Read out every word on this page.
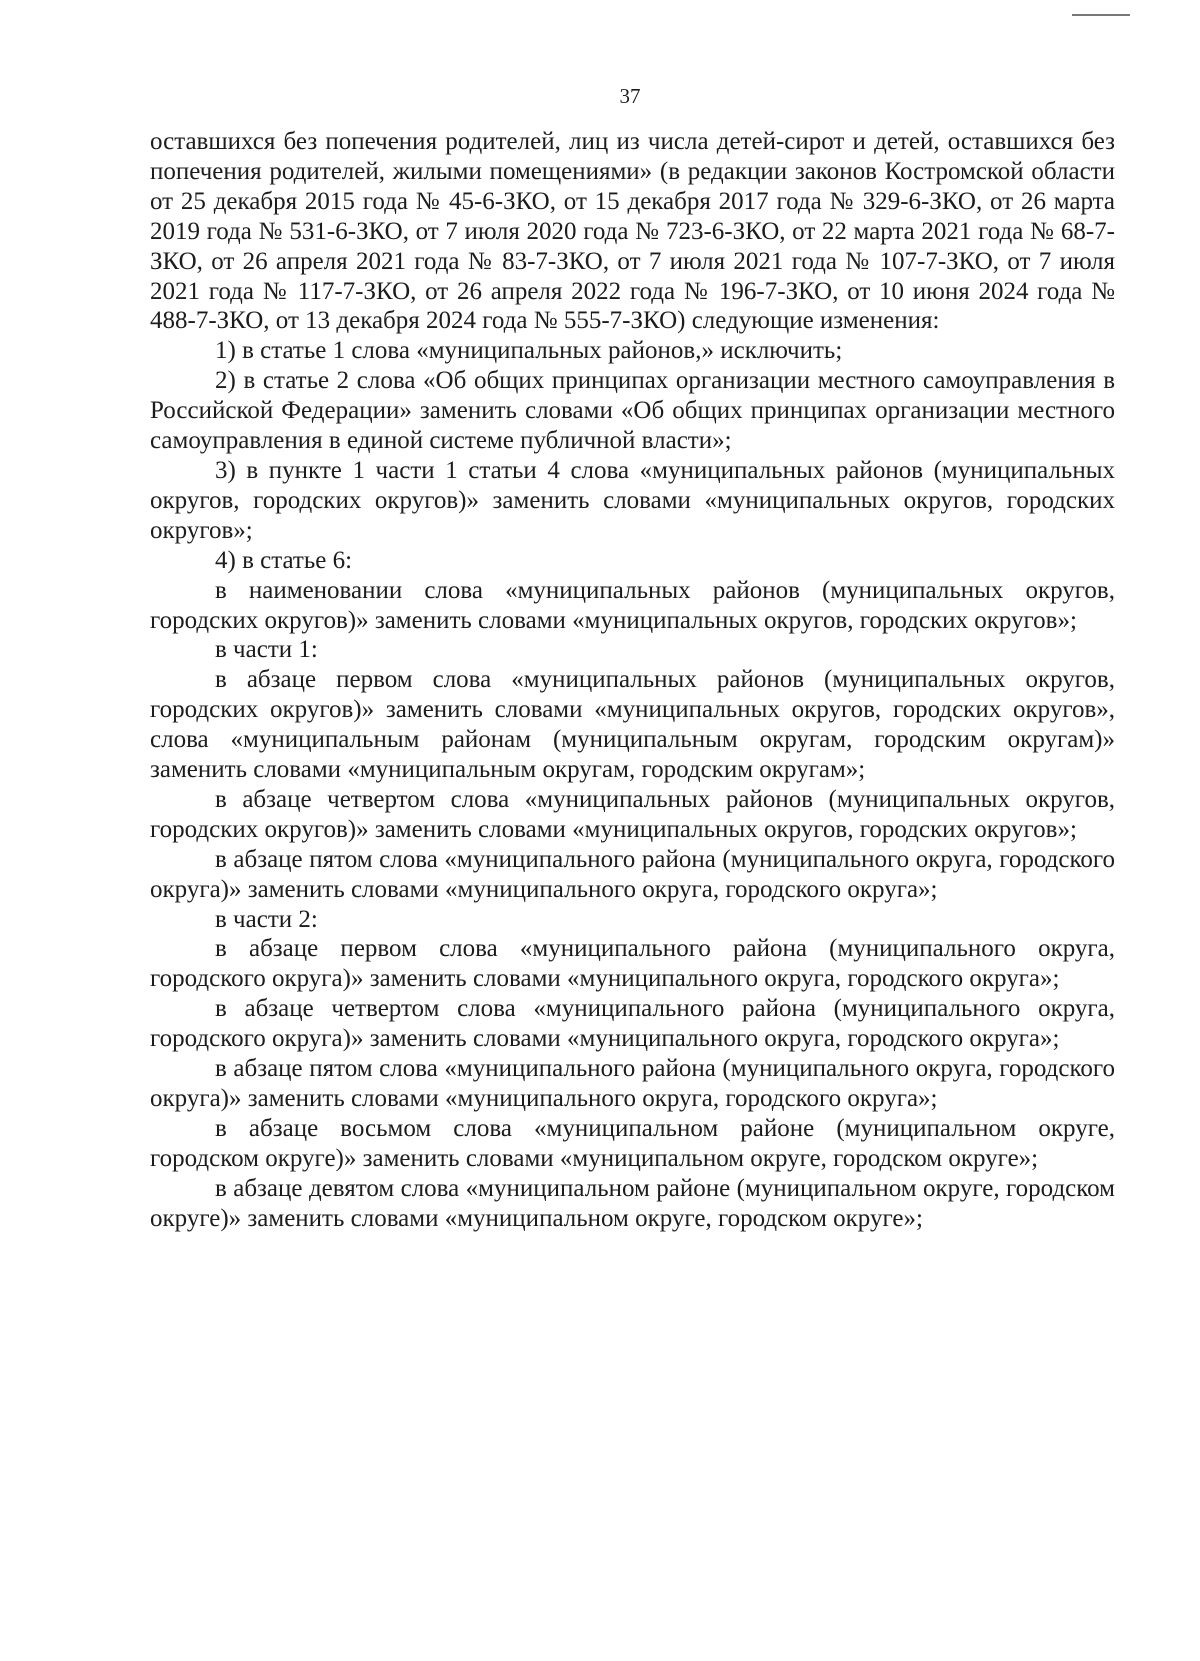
37

оставшихся без попечения родителей, лиц из числа детей-сирот и детей, оставшихся без попечения родителей, жилыми помещениями» (в редакции законов Костромской области от 25 декабря 2015 года № 45-6-ЗКО, от 15 декабря 2017 года № 329-6-ЗКО, от 26 марта 2019 года № 531-6-ЗКО, от 7 июля 2020 года № 723-6-ЗКО, от 22 марта 2021 года № 68-7-ЗКО, от 26 апреля 2021 года № 83-7-ЗКО, от 7 июля 2021 года № 107-7-ЗКО, от 7 июля 2021 года № 117-7-ЗКО, от 26 апреля 2022 года № 196-7-ЗКО, от 10 июня 2024 года № 488-7-ЗКО, от 13 декабря 2024 года № 555-7-ЗКО) следующие изменения:

1) в статье 1 слова «муниципальных районов,» исключить;

2) в статье 2 слова «Об общих принципах организации местного самоуправления в Российской Федерации» заменить словами «Об общих принципах организации местного самоуправления в единой системе публичной власти»;

3) в пункте 1 части 1 статьи 4 слова «муниципальных районов (муниципальных округов, городских округов)» заменить словами «муниципальных округов, городских округов»;

4) в статье 6:

в наименовании слова «муниципальных районов (муниципальных округов, городских округов)» заменить словами «муниципальных округов, городских округов»;

в части 1:

в абзаце первом слова «муниципальных районов (муниципальных округов, городских округов)» заменить словами «муниципальных округов, городских округов», слова «муниципальным районам (муниципальным округам, городским округам)» заменить словами «муниципальным округам, городским округам»;

в абзаце четвертом слова «муниципальных районов (муниципальных округов, городских округов)» заменить словами «муниципальных округов, городских округов»;

в абзаце пятом слова «муниципального района (муниципального округа, городского округа)» заменить словами «муниципального округа, городского округа»;

в части 2:

в абзаце первом слова «муниципального района (муниципального округа, городского округа)» заменить словами «муниципального округа, городского округа»;

в абзаце четвертом слова «муниципального района (муниципального округа, городского округа)» заменить словами «муниципального округа, городского округа»;

в абзаце пятом слова «муниципального района (муниципального округа, городского округа)» заменить словами «муниципального округа, городского округа»;

в абзаце восьмом слова «муниципальном районе (муниципальном округе, городском округе)» заменить словами «муниципальном округе, городском округе»;

в абзаце девятом слова «муниципальном районе (муниципальном округе, городском округе)» заменить словами «муниципальном округе, городском округе»;
